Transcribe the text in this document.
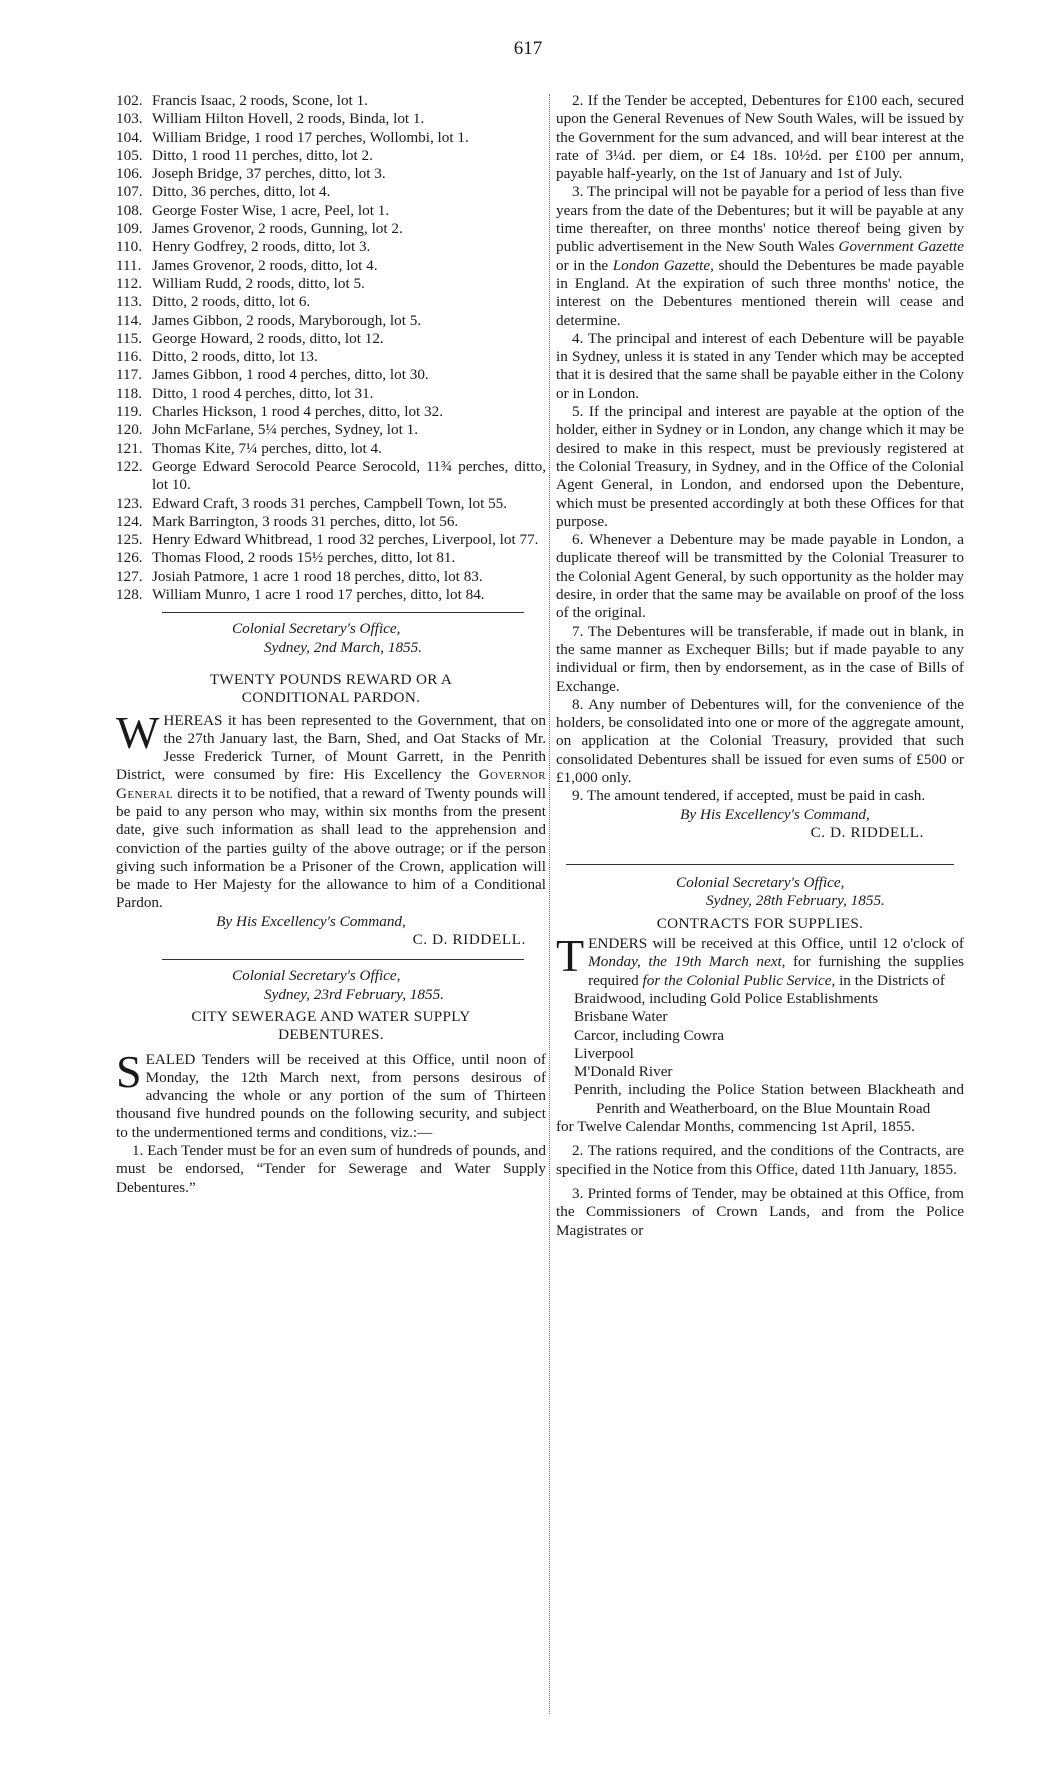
617

102. Francis Isaac, 2 roods, Scone, lot 1.

103. William Hilton Hovell, 2 roods, Binda, lot 1.

104. William Bridge, 1 rood 17 perches, Wollombi, lot 1.

105. Ditto, 1 rood 11 perches, ditto, lot 2.

106. Joseph Bridge, 37 perches, ditto, lot 3.

107. Ditto, 36 perches, ditto, lot 4.

108. George Foster Wise, 1 acre, Peel, lot 1.

109. James Grovenor, 2 roods, Gunning, lot 2.

110. Henry Godfrey, 2 roods, ditto, lot 3.

111. James Grovenor, 2 roods, ditto, lot 4.

112. William Rudd, 2 roods, ditto, lot 5.

113. Ditto, 2 roods, ditto, lot 6.

114. James Gibbon, 2 roods, Maryborough, lot 5.

115. George Howard, 2 roods, ditto, lot 12.

116. Ditto, 2 roods, ditto, lot 13.

117. James Gibbon, 1 rood 4 perches, ditto, lot 30.

118. Ditto, 1 rood 4 perches, ditto, lot 31.

119. Charles Hickson, 1 rood 4 perches, ditto, lot 32.

120. John McFarlane, 5¼ perches, Sydney, lot 1.

121. Thomas Kite, 7¼ perches, ditto, lot 4.

122. George Edward Serocold Pearce Serocold, 11¾ perches, ditto, lot 10.

123. Edward Craft, 3 roods 31 perches, Campbell Town, lot 55.

124. Mark Barrington, 3 roods 31 perches, ditto, lot 56.

125. Henry Edward Whitbread, 1 rood 32 perches, Liverpool, lot 77.

126. Thomas Flood, 2 roods 15½ perches, ditto, lot 81.

127. Josiah Patmore, 1 acre 1 rood 18 perches, ditto, lot 83.

128. William Munro, 1 acre 1 rood 17 perches, ditto, lot 84.

Colonial Secretary's Office,

Sydney, 2nd March, 1855.

TWENTY POUNDS REWARD OR A

CONDITIONAL PARDON.

W HEREAS it has been represented to the Government, that on the 27th January last, the Barn, Shed, and Oat Stacks of Mr. Jesse Frederick Turner, of Mount Garrett, in the Penrith District, were consumed by fire: His Excellency the Governor General directs it to be notified, that a reward of Twenty pounds will be paid to any person who may, within six months from the present date, give such information as shall lead to the apprehension and conviction of the parties guilty of the above outrage; or if the person giving such information be a Prisoner of the Crown, application will be made to Her Majesty for the allowance to him of a Conditional Pardon.

By His Excellency's Command,

C. D. RIDDELL.

Colonial Secretary's Office,

Sydney, 23rd February, 1855.

CITY SEWERAGE AND WATER SUPPLY

DEBENTURES.

S EALED Tenders will be received at this Office, until noon of Monday, the 12th March next, from persons desirous of advancing the whole or any portion of the sum of Thirteen thousand five hundred pounds on the following security, and subject to the undermentioned terms and conditions, viz.:—

1. Each Tender must be for an even sum of hundreds of pounds, and must be endorsed, “Tender for Sewerage and Water Supply Debentures.”

2. If the Tender be accepted, Debentures for £100 each, secured upon the General Revenues of New South Wales, will be issued by the Government for the sum advanced, and will bear interest at the rate of 3¼d. per diem, or £4 18s. 10½d. per £100 per annum, payable half-yearly, on the 1st of January and 1st of July.

3. The principal will not be payable for a period of less than five years from the date of the Debentures; but it will be payable at any time thereafter, on three months' notice thereof being given by public advertisement in the New South Wales Government Gazette or in the London Gazette, should the Debentures be made payable in England. At the expiration of such three months' notice, the interest on the Debentures mentioned therein will cease and determine.

4. The principal and interest of each Debenture will be payable in Sydney, unless it is stated in any Tender which may be accepted that it is desired that the same shall be payable either in the Colony or in London.

5. If the principal and interest are payable at the option of the holder, either in Sydney or in London, any change which it may be desired to make in this respect, must be previously registered at the Colonial Treasury, in Sydney, and in the Office of the Colonial Agent General, in London, and endorsed upon the Debenture, which must be presented accordingly at both these Offices for that purpose.

6. Whenever a Debenture may be made payable in London, a duplicate thereof will be transmitted by the Colonial Treasurer to the Colonial Agent General, by such opportunity as the holder may desire, in order that the same may be available on proof of the loss of the original.

7. The Debentures will be transferable, if made out in blank, in the same manner as Exchequer Bills; but if made payable to any individual or firm, then by endorsement, as in the case of Bills of Exchange.

8. Any number of Debentures will, for the convenience of the holders, be consolidated into one or more of the aggregate amount, on application at the Colonial Treasury, provided that such consolidated Debentures shall be issued for even sums of £500 or £1,000 only.

9. The amount tendered, if accepted, must be paid in cash.

By His Excellency's Command,

C. D. RIDDELL.

Colonial Secretary's Office,

Sydney, 28th February, 1855.

CONTRACTS FOR SUPPLIES.

T ENDERS will be received at this Office, until 12 o'clock of Monday, the 19th March next, for furnishing the supplies required for the Colonial Public Service, in the Districts of

Braidwood, including Gold Police Establishments

Brisbane Water

Carcor, including Cowra

Liverpool

M'Donald River

Penrith, including the Police Station between Blackheath and Penrith and Weatherboard, on the Blue Mountain Road

for Twelve Calendar Months, commencing 1st April, 1855.

2. The rations required, and the conditions of the Contracts, are specified in the Notice from this Office, dated 11th January, 1855.

3. Printed forms of Tender, may be obtained at this Office, from the Commissioners of Crown Lands, and from the Police Magistrates or
